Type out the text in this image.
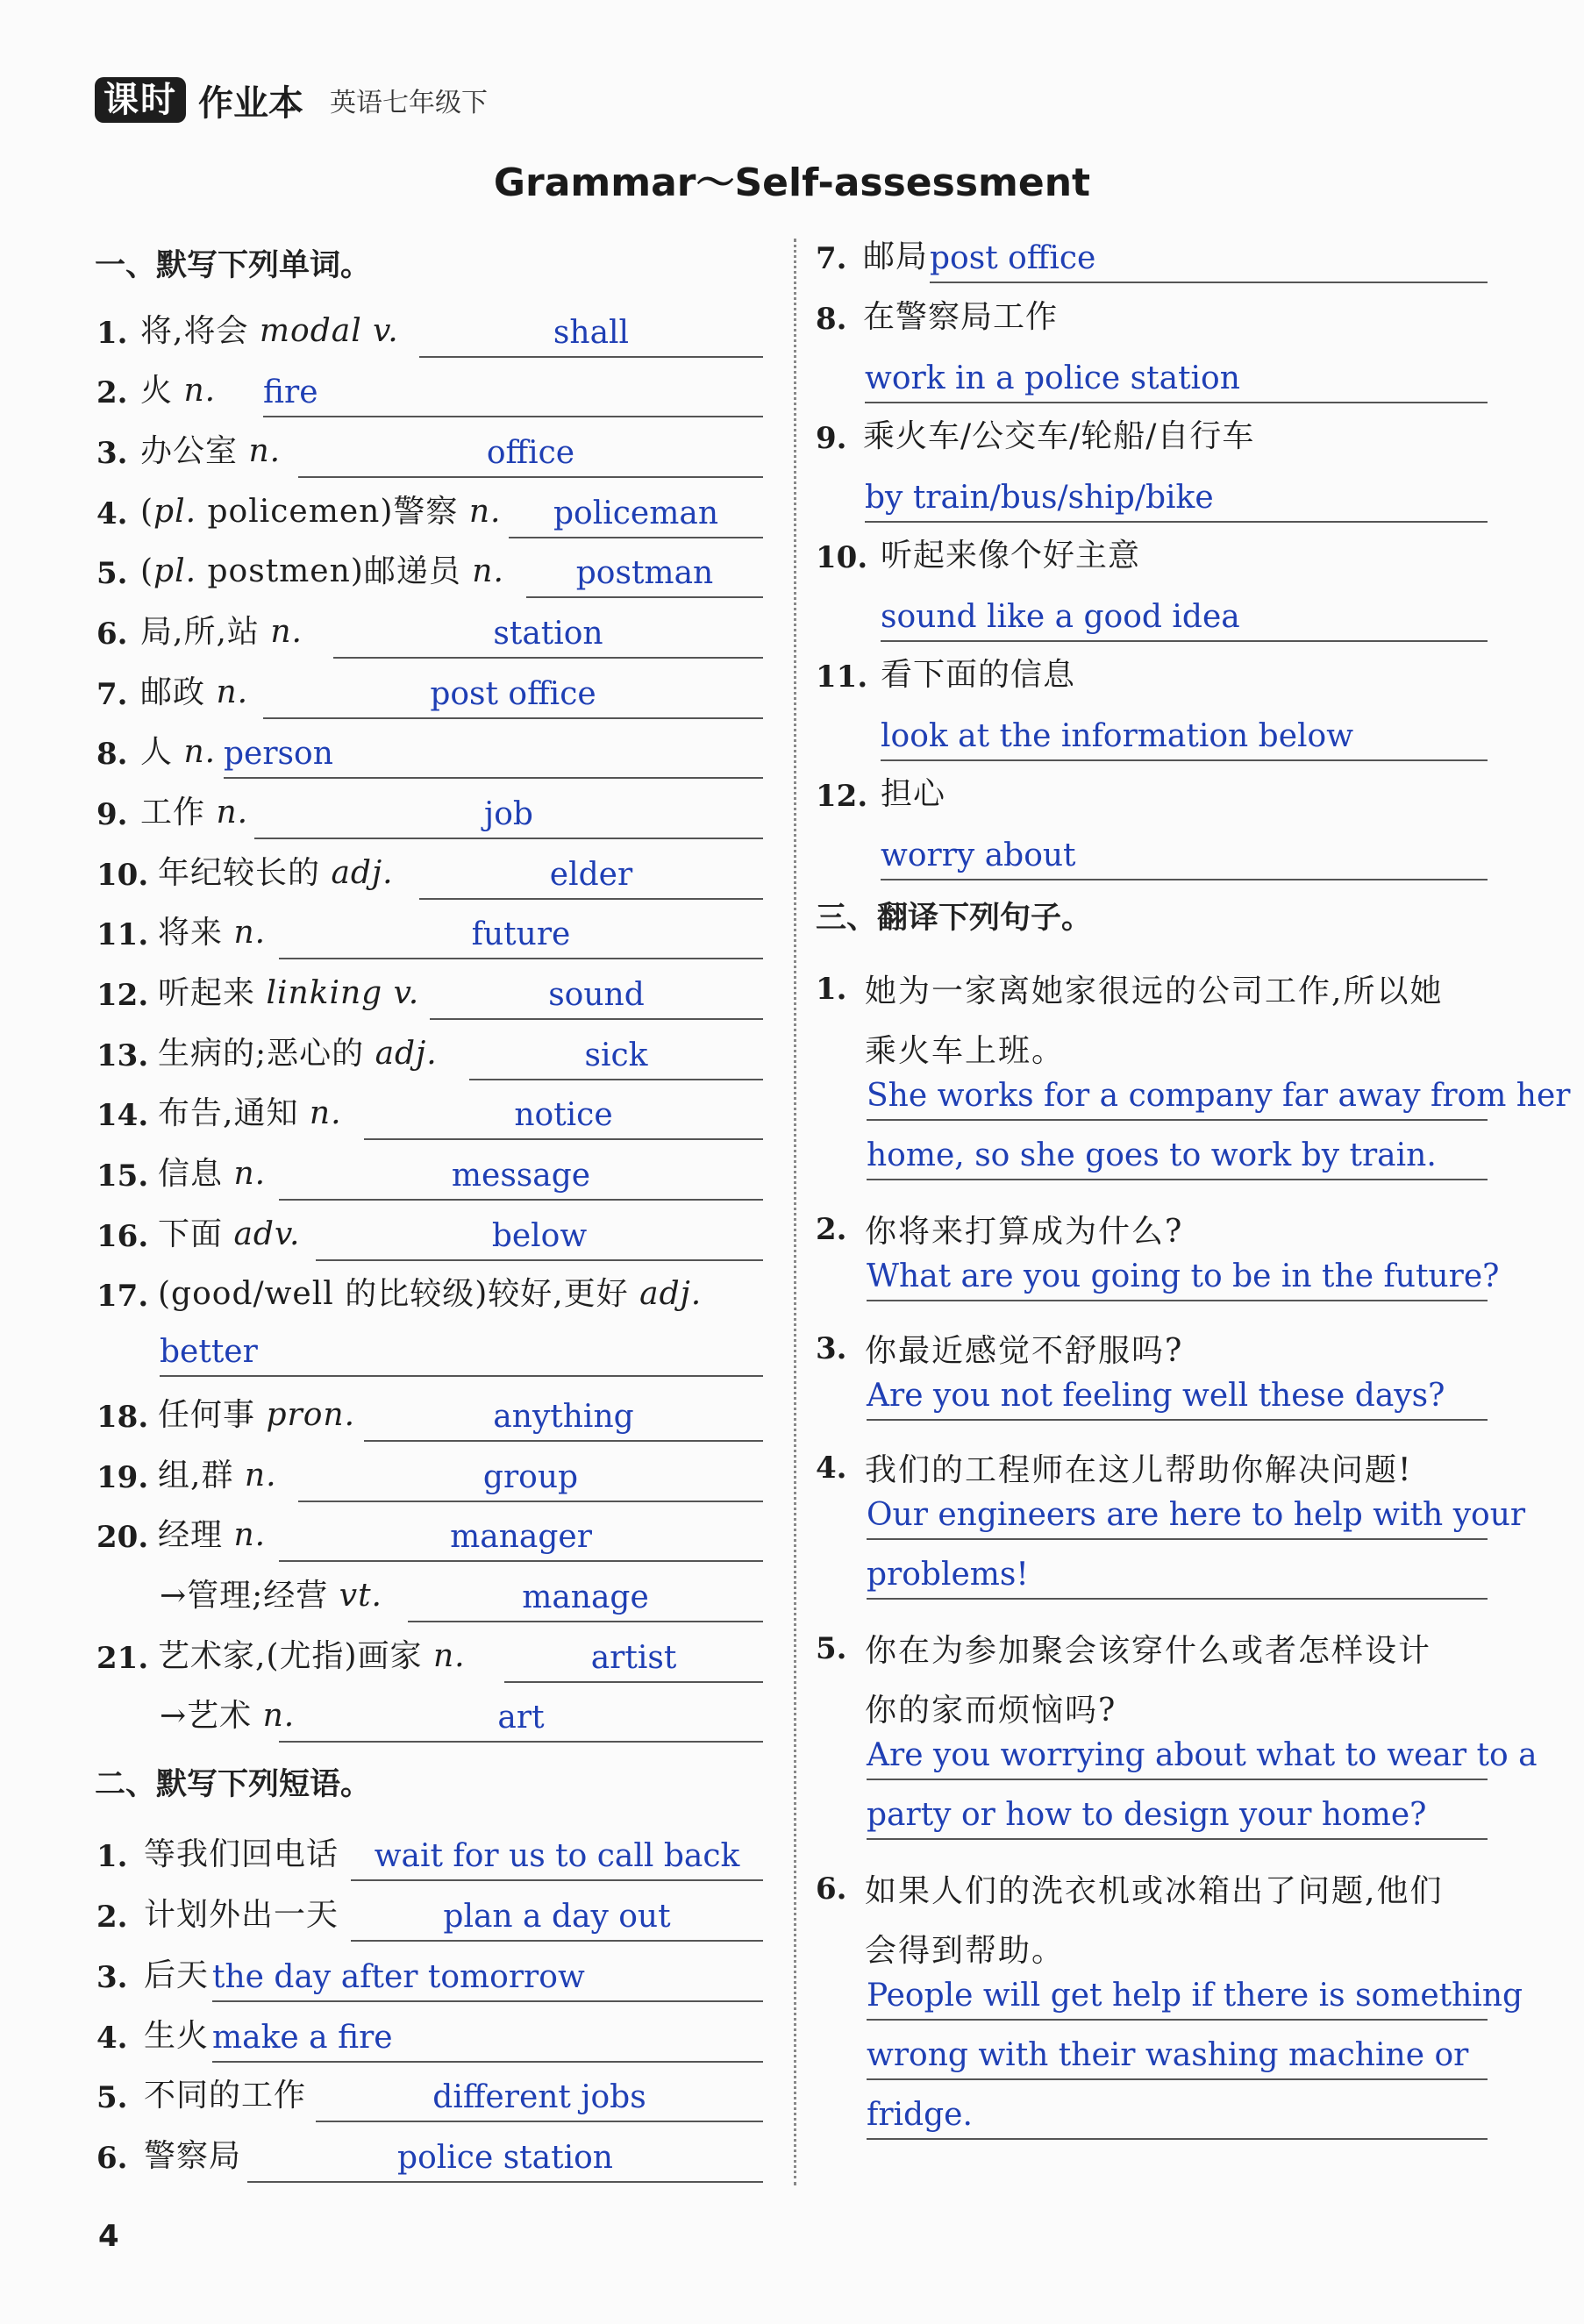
课时 作业本 英语七年级下
Grammar～Self-assessment
4
一、默写下列单词。
1. 将,将会 modal v.	shall
2. 火 n. fire
3. 办公室 n.	office
4. (pl. policemen)警察 n.	policeman
5. (pl. postmen)邮递员 n.	postman
6. 局,所,站 n.	station
7. 邮政 n.	post office
8. 人 n. person
9. 工作 n.	job
10. 年纪较长的 adj.	elder
11. 将来 n.	future
12. 听起来 linking v.	sound
13. 生病的;恶心的 adj.	sick
14. 布告,通知 n.	notice
15. 信息 n.	message
16. 下面 adv.	below
17. (good/well 的比较级)较好,更好 adj.
better
18. 任何事 pron.	anything
19. 组,群 n.	group
20. 经理 n.	manager
→管理;经营 vt.	manage
21. 艺术家,(尤指)画家 n.	artist
→艺术 n.	art
二、默写下列短语。
1. 等我们回电话	wait for us to call back
2. 计划外出一天	plan a day out
3. 后天 the day after tomorrow
4. 生火 make a fire
5. 不同的工作	different jobs
6. 警察局	police station
7. 邮局 post office
8. 在警察局工作
work in a police station
9. 乘火车/公交车/轮船/自行车
by train/bus/ship/bike
10. 听起来像个好主意
sound like a good idea
11. 看下面的信息
look at the information below
12. 担心
worry about
三、翻译下列句子。
1. 她为一家离她家很远的公司工作,所以她
乘火车上班。
She works for a company far away from her
home, so she goes to work by train.
2. 你将来打算成为什么?
What are you going to be in the future?
3. 你最近感觉不舒服吗?
Are you not feeling well these days?
4. 我们的工程师在这儿帮助你解决问题!
Our engineers are here to help with your
problems!
5. 你在为参加聚会该穿什么或者怎样设计
你的家而烦恼吗?
Are you worrying about what to wear to a
party or how to design your home?
6. 如果人们的洗衣机或冰箱出了问题,他们
会得到帮助。
People will get help if there is something
wrong with their washing machine or
fridge.
